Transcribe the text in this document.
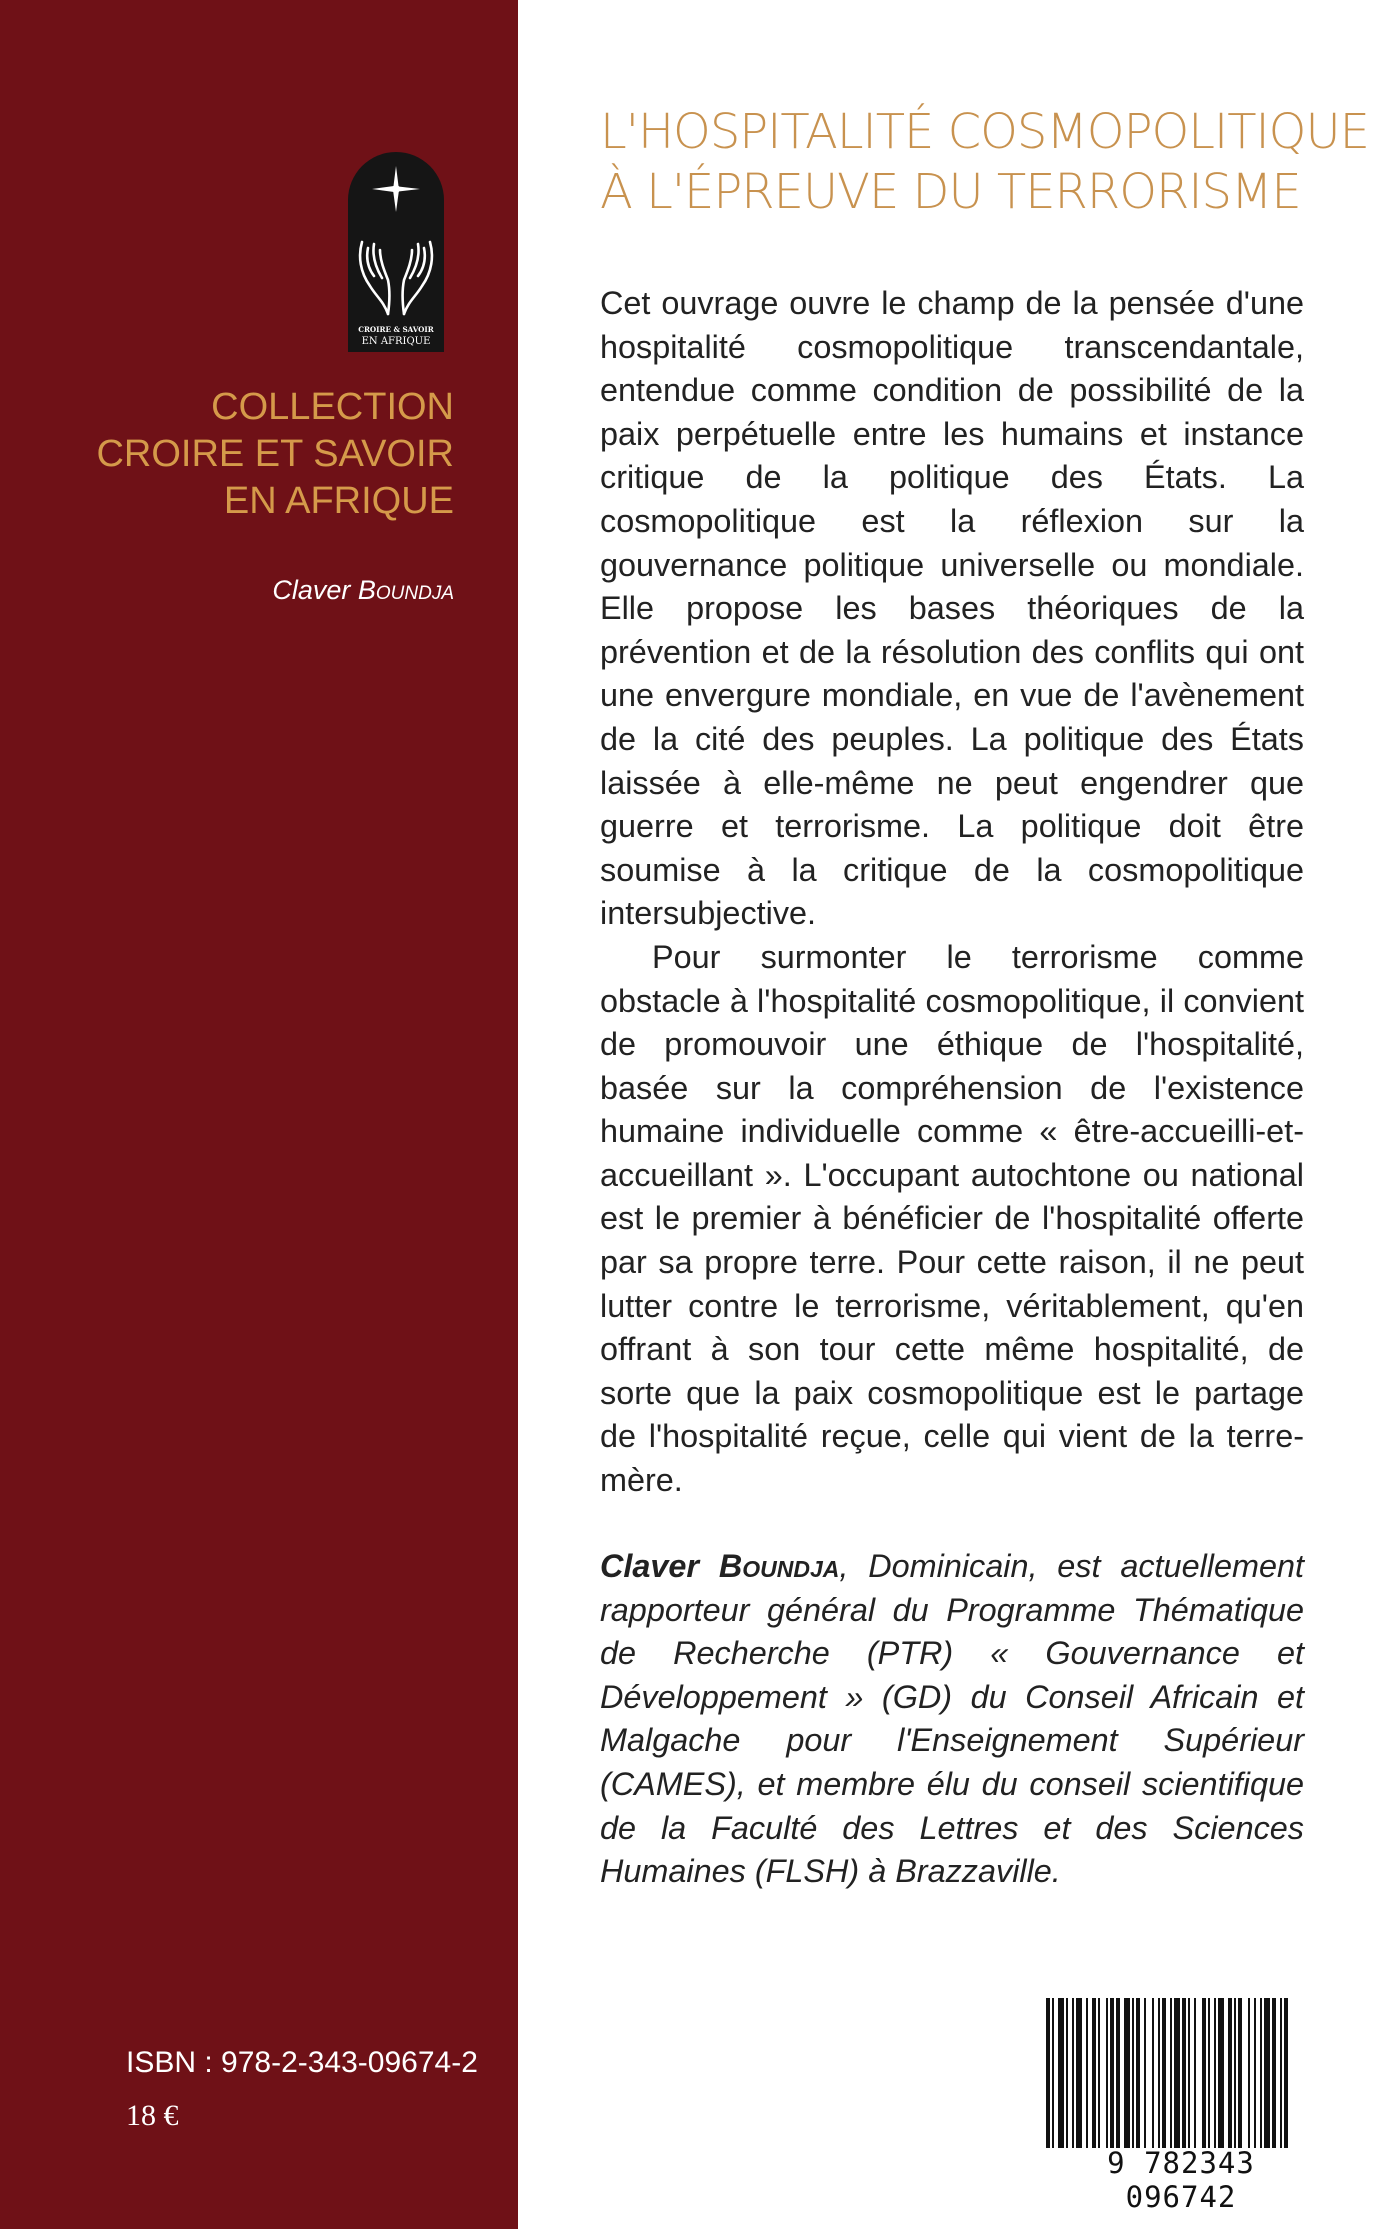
CROIRE & SAVOIR
EN AFRIQUE
COLLECTION
CROIRE ET SAVOIR
EN AFRIQUE
Claver Boundja
ISBN : 978-2-343-09674-2
18 €
L'HOSPITALITÉ COSMOPOLITIQUE
À L'ÉPREUVE DU TERRORISME

Cet ouvrage ouvre le champ de la pensée d'une hospitalité cosmopolitique transcendantale, entendue comme condition de possibilité de la paix perpétuelle entre les humains et instance critique de la politique des États. La cosmopolitique est la réflexion sur la gouvernance politique universelle ou mondiale. Elle propose les bases théoriques de la prévention et de la résolution des conflits qui ont une envergure mondiale, en vue de l'avènement de la cité des peuples. La politique des États laissée à elle-même ne peut engendrer que guerre et terrorisme. La politique doit être soumise à la critique de la cosmopolitique intersubjective.

Pour surmonter le terrorisme comme obstacle à l'hospitalité cosmopolitique, il convient de promouvoir une éthique de l'hospitalité, basée sur la compréhension de l'existence humaine individuelle comme « être-accueilli-et-accueillant ». L'occupant autochtone ou national est le premier à bénéficier de l'hospitalité offerte par sa propre terre. Pour cette raison, il ne peut lutter contre le terrorisme, véritablement, qu'en offrant à son tour cette même hospitalité, de sorte que la paix cosmopolitique est le partage de l'hospitalité reçue, celle qui vient de la terre-mère.

Claver Boundja, Dominicain, est actuellement rapporteur général du Programme Thématique de Recherche (PTR) « Gouvernance et Développement » (GD) du Conseil Africain et Malgache pour l'Enseignement Supérieur (CAMES), et membre élu du conseil scientifique de la Faculté des Lettres et des Sciences Humaines (FLSH) à Brazzaville.
9 782343 096742
